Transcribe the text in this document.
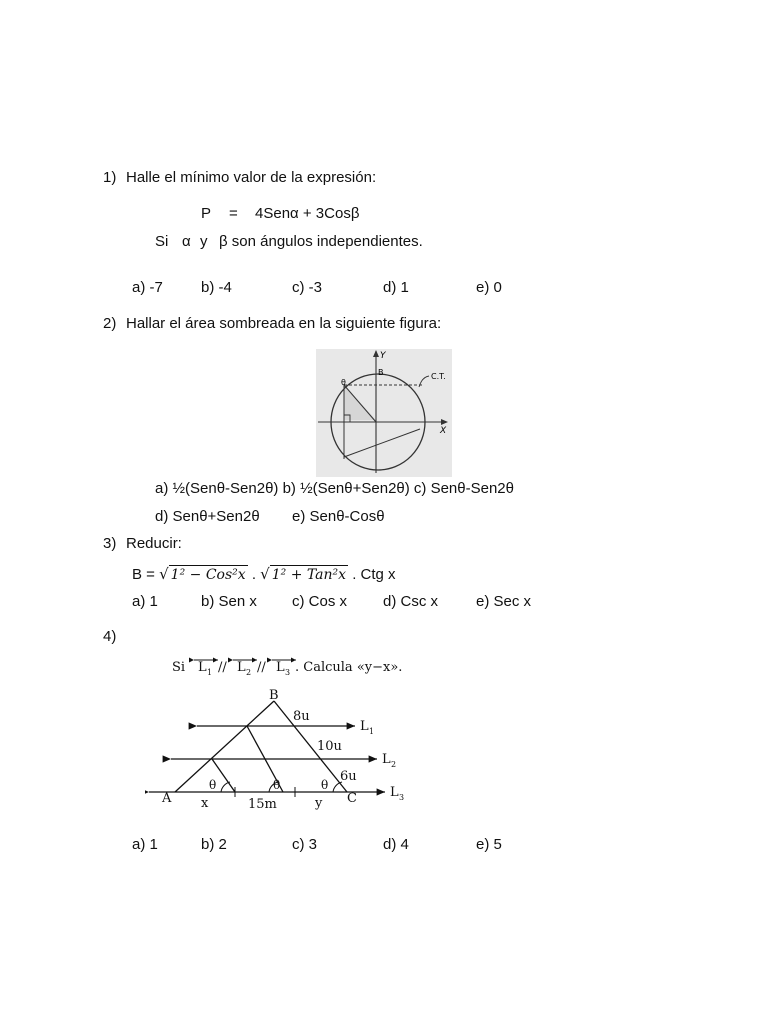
1) Halle el mínimo valor de la expresión:
P = 4Senα + 3Cosβ
Si α y β son ángulos independientes.
a) -7	b) -4	c) -3	d) 1	e) 0
2) Hallar el área sombreada en la siguiente figura:
Y
B	C.T.
X
θ
a) ½(Senθ-Sen2θ) b) ½(Senθ+Sen2θ) c) Senθ-Sen2θ
d) Senθ+Sen2θ e) Senθ-Cosθ
3) Reducir:
B = √ 1² − Cos²x . √ 1² + Tan²x . Ctg x
a) 1	b) Sen x c) Cos x d) Csc x	e) Sec x
4)
Si L 1 // L 2 // L 3 . Calcula «y−x».
B
A	C
8u
10u
6u
x	15m	y
θ	θ	θ
L 1
L 2
L 3
a) 1	b) 2	c) 3	d) 4	e) 5
